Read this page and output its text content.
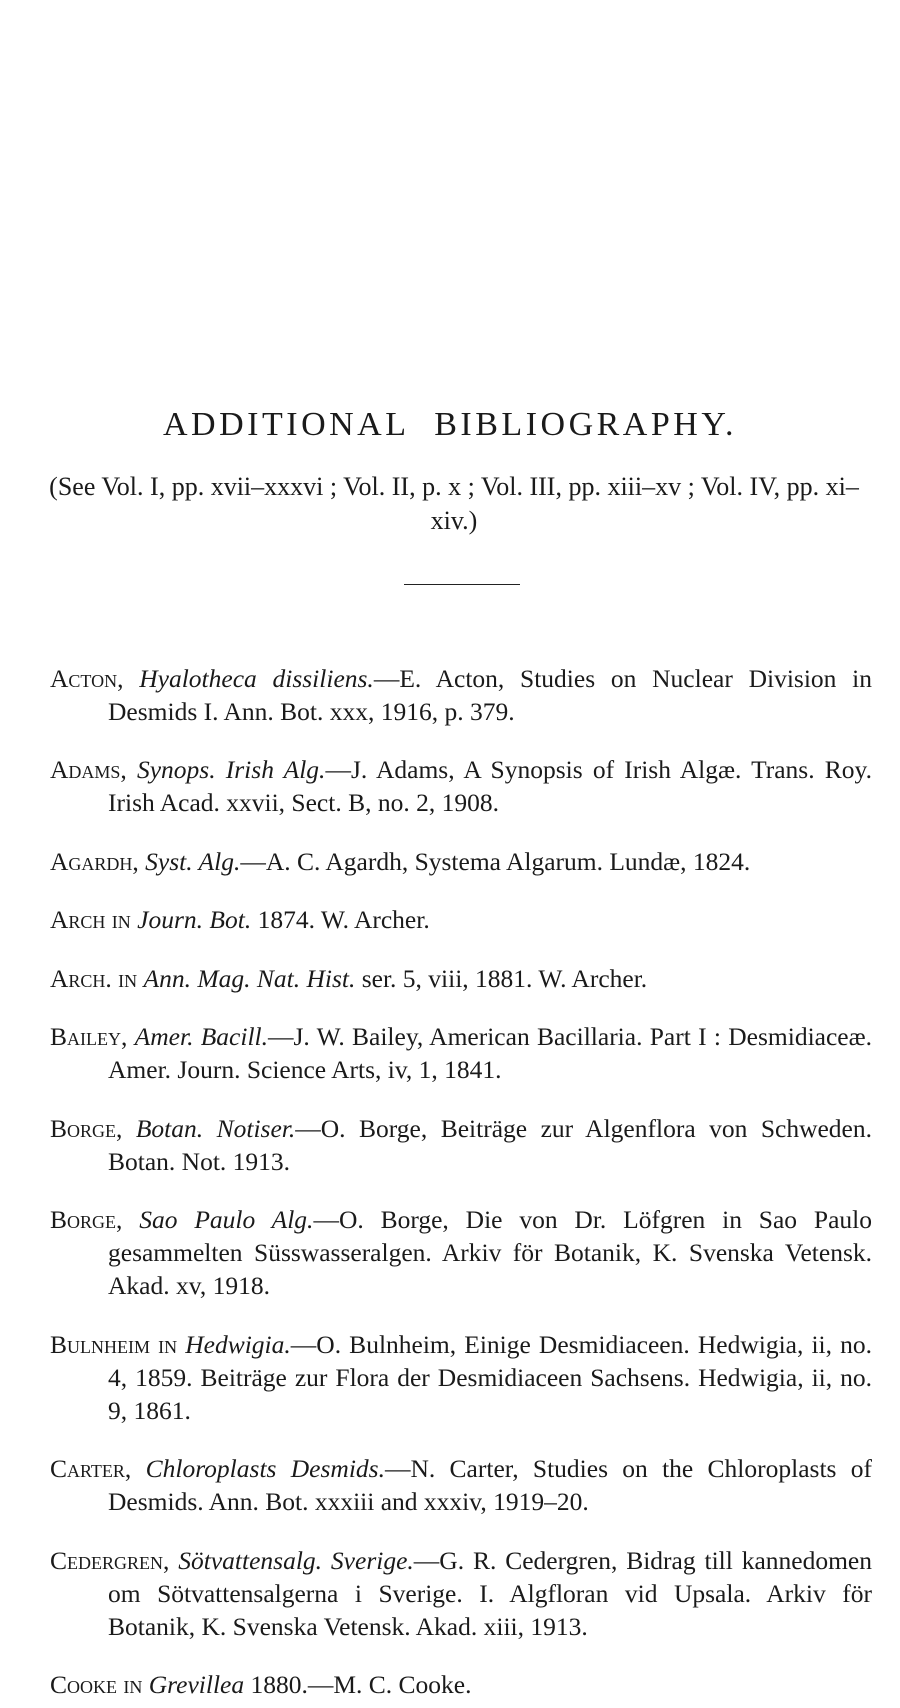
ADDITIONAL BIBLIOGRAPHY.
(See Vol. I, pp. xvii–xxxvi ; Vol. II, p. x ; Vol. III, pp. xiii–xv ; Vol. IV, pp. xi–xiv.)

Acton, Hyalotheca dissiliens.—E. Acton, Studies on Nuclear Division in Desmids I. Ann. Bot. xxx, 1916, p. 379.

Adams, Synops. Irish Alg.—J. Adams, A Synopsis of Irish Algæ. Trans. Roy. Irish Acad. xxvii, Sect. B, no. 2, 1908.

Agardh, Syst. Alg.—A. C. Agardh, Systema Algarum. Lundæ, 1824.

Arch in Journ. Bot. 1874. W. Archer.

Arch. in Ann. Mag. Nat. Hist. ser. 5, viii, 1881. W. Archer.

Bailey, Amer. Bacill.—J. W. Bailey, American Bacillaria. Part I : Desmidiaceæ. Amer. Journ. Science Arts, iv, 1, 1841.

Borge, Botan. Notiser.—O. Borge, Beiträge zur Algenflora von Schweden. Botan. Not. 1913.

Borge, Sao Paulo Alg.—O. Borge, Die von Dr. Löfgren in Sao Paulo gesammelten Süsswasseralgen. Arkiv för Botanik, K. Svenska Vetensk. Akad. xv, 1918.

Bulnheim in Hedwigia.—O. Bulnheim, Einige Desmidiaceen. Hedwigia, ii, no. 4, 1859. Beiträge zur Flora der Desmidiaceen Sachsens. Hedwigia, ii, no. 9, 1861.

Carter, Chloroplasts Desmids.—N. Carter, Studies on the Chloroplasts of Desmids. Ann. Bot. xxxiii and xxxiv, 1919–20.

Cedergren, Sötvattensalg. Sverige.—G. R. Cedergren, Bidrag till kannedomen om Sötvattensalgerna i Sverige. I. Algfloran vid Upsala. Arkiv för Botanik, K. Svenska Vetensk. Akad. xiii, 1913.

Cooke in Grevillea 1880.—M. C. Cooke.
